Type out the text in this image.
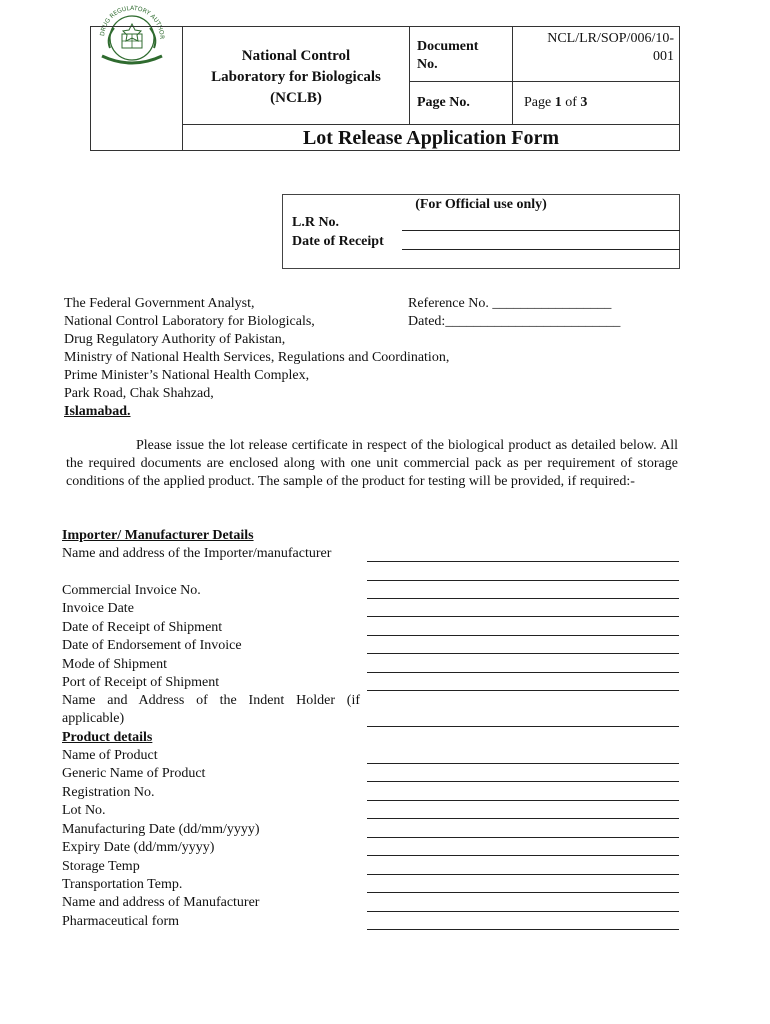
DRUG REGULATORY AUTHOR
National Control
Laboratory for Biologicals
(NCLB)
Document
No.
NCL/LR/SOP/006/10-
001
Page No.	Page 1 of 3
Lot Release Application Form
(For Official use only)
L.R No.
Date of Receipt
The Federal Government Analyst,
National Control Laboratory for Biologicals,
Drug Regulatory Authority of Pakistan,
Ministry of National Health Services, Regulations and Coordination,
Prime Minister’s National Health Complex,
Park Road, Chak Shahzad,
Islamabad.
Reference No. _________________
Dated:_________________________
Please issue the lot release certificate in respect of the biological product as detailed below. All the required documents are enclosed along with one unit commercial pack as per requirement of storage conditions of the applied product. The sample of the product for testing will be provided, if required:-
Importer/ Manufacturer Details
Name and address of the Importer/manufacturer
Commercial Invoice No.
Invoice Date
Date of Receipt of Shipment
Date of Endorsement of Invoice
Mode of Shipment
Port of Receipt of Shipment
Name and Address of the Indent Holder (if
applicable)
Product details
Name of Product
Generic Name of Product
Registration No.
Lot No.
Manufacturing Date (dd/mm/yyyy)
Expiry Date (dd/mm/yyyy)
Storage Temp
Transportation Temp.
Name and address of Manufacturer
Pharmaceutical form
